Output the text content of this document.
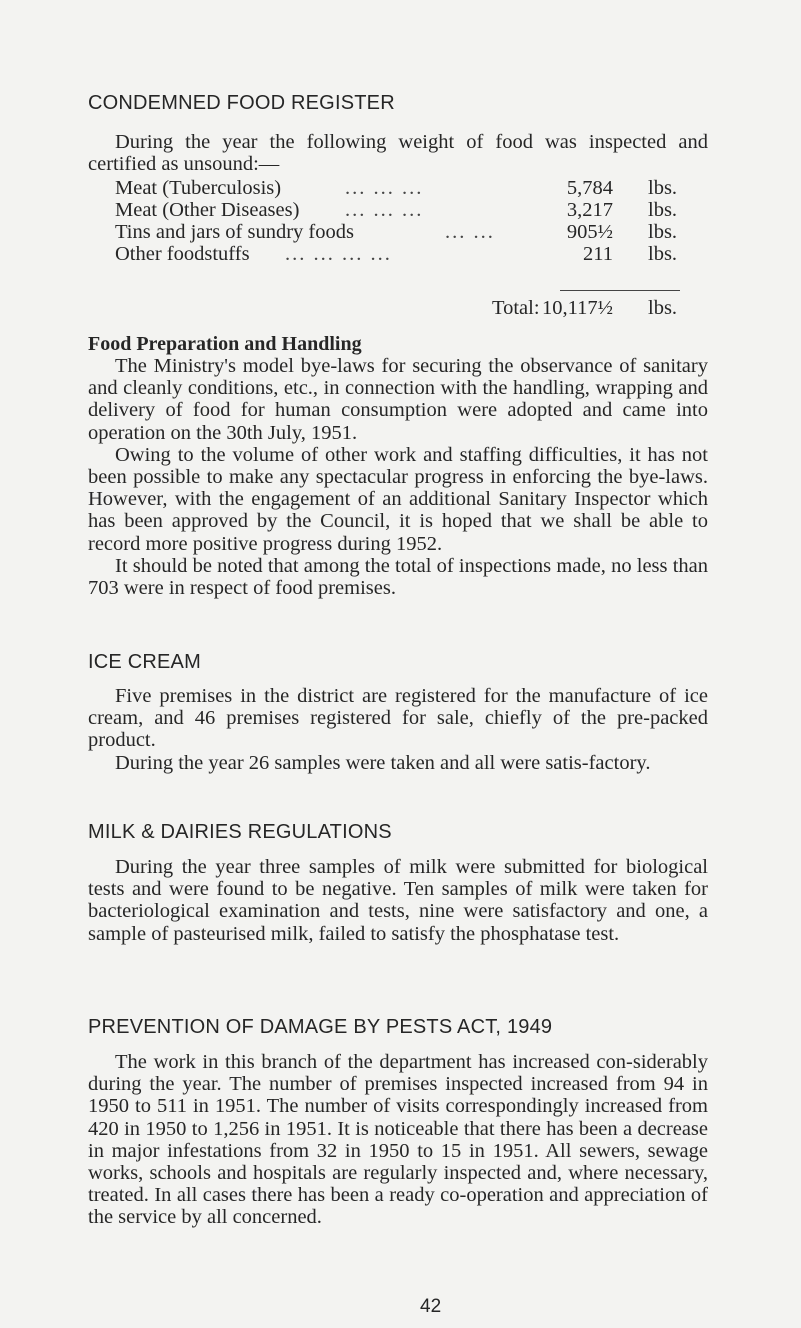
CONDEMNED FOOD REGISTER

During the year the following weight of food was inspected and certified as unsound:—

Meat (Tuberculosis)	... ... ...	5,784 lbs.
Meat (Other Diseases) ... ... ...	3,217 lbs.
Tins and jars of sundry foods	... ...	905½ lbs.
Other foodstuffs ... ... ... ...	211 lbs.
Total: 10,117½ lbs.
Food Preparation and Handling

The Ministry's model bye-laws for securing the observance of sanitary and cleanly conditions, etc., in connection with the handling, wrapping and delivery of food for human consumption were adopted and came into operation on the 30th July, 1951.

Owing to the volume of other work and staffing difficulties, it has not been possible to make any spectacular progress in enforcing the bye-laws. However, with the engagement of an additional Sanitary Inspector which has been approved by the Council, it is hoped that we shall be able to record more positive progress during 1952.

It should be noted that among the total of inspections made, no less than 703 were in respect of food premises.

ICE CREAM

Five premises in the district are registered for the manufacture of ice cream, and 46 premises registered for sale, chiefly of the pre-packed product.

During the year 26 samples were taken and all were satis-factory.

MILK & DAIRIES REGULATIONS

During the year three samples of milk were submitted for biological tests and were found to be negative. Ten samples of milk were taken for bacteriological examination and tests, nine were satisfactory and one, a sample of pasteurised milk, failed to satisfy the phosphatase test.

PREVENTION OF DAMAGE BY PESTS ACT, 1949

The work in this branch of the department has increased con-siderably during the year. The number of premises inspected increased from 94 in 1950 to 511 in 1951. The number of visits correspondingly increased from 420 in 1950 to 1,256 in 1951. It is noticeable that there has been a decrease in major infestations from 32 in 1950 to 15 in 1951. All sewers, sewage works, schools and hospitals are regularly inspected and, where necessary, treated. In all cases there has been a ready co-operation and appreciation of the service by all concerned.

42
